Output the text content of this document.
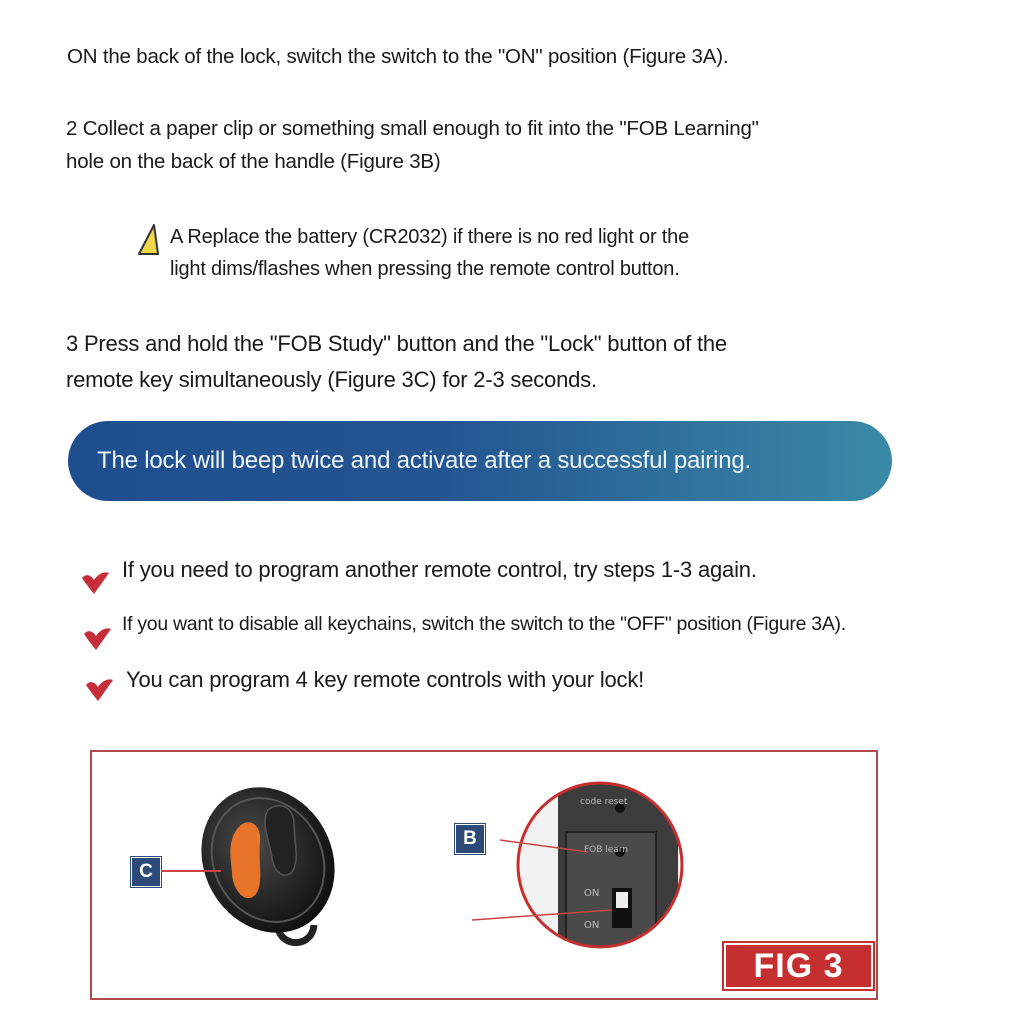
ON the back of the lock, switch the switch to the "ON" position (Figure 3A).
2 Collect a paper clip or something small enough to fit into the "FOB Learning"
hole on the back of the handle (Figure 3B)
A Replace the battery (CR2032) if there is no red light or the
light dims/flashes when pressing the remote control button.
3 Press and hold the "FOB Study" button and the "Lock" button of the
remote key simultaneously (Figure 3C) for 2-3 seconds.
The lock will beep twice and activate after a successful pairing.
If you need to program another remote control, try steps 1-3 again.
If you want to disable all keychains, switch the switch to the "OFF" position (Figure 3A).
You can program 4 key remote controls with your lock!
C
code reset
FOB learn
ON
ON
B
FIG 3
